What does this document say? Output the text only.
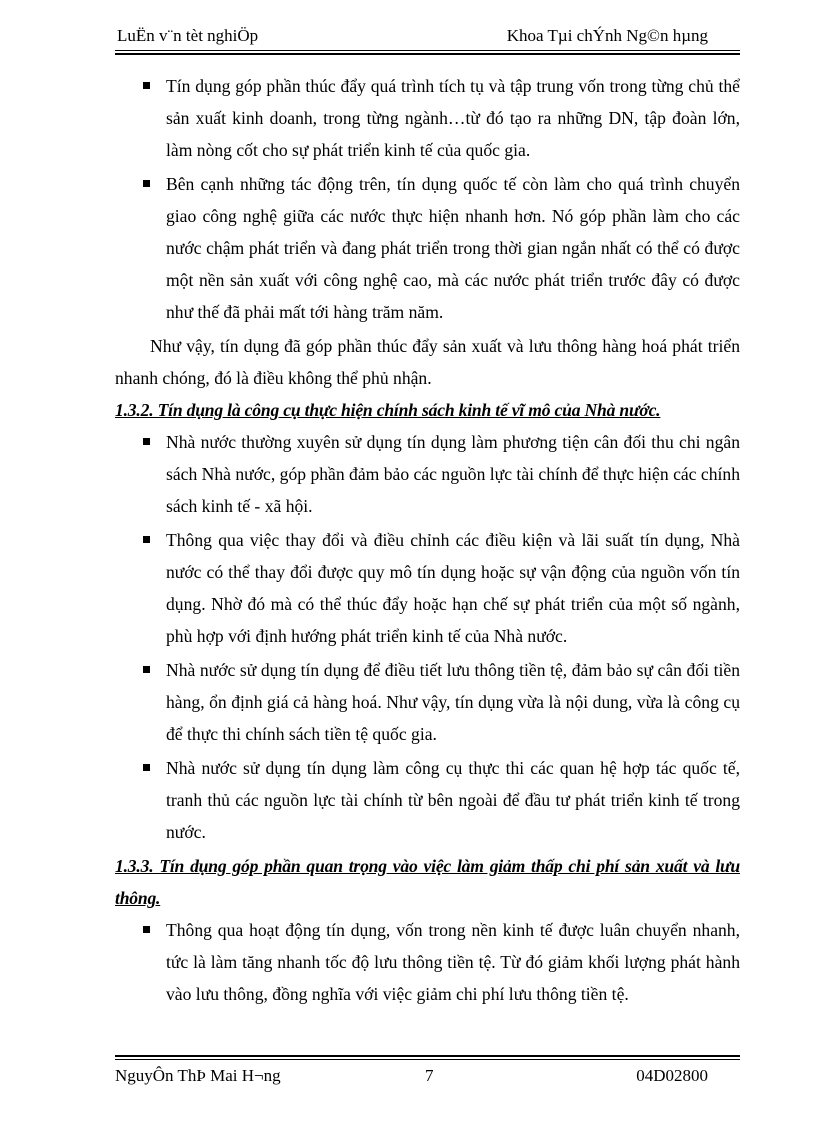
LuËn v¨n tèt nghiÖp	Khoa Tµi chÝnh Ng©n hµng
Tín dụng góp phần thúc đẩy quá trình tích tụ và tập trung vốn trong từng chủ thể sản xuất kinh doanh, trong từng ngành…từ đó tạo ra những DN, tập đoàn lớn, làm nòng cốt cho sự phát triển kinh tế của quốc gia.
Bên cạnh những tác động trên, tín dụng quốc tế còn làm cho quá trình chuyển giao công nghệ giữa các nước thực hiện nhanh hơn. Nó góp phần làm cho các nước chậm phát triển và đang phát triển trong thời gian ngắn nhất có thể có được một nền sản xuất với công nghệ cao, mà các nước phát triển trước đây có được như thế đã phải mất tới hàng trăm năm.
Như vậy, tín dụng đã góp phần thúc đẩy sản xuất và lưu thông hàng hoá phát triển nhanh chóng, đó là điều không thể phủ nhận.
1.3.2. Tín dụng là công cụ thực hiện chính sách kinh tế vĩ mô của Nhà nước.
Nhà nước thường xuyên sử dụng tín dụng làm phương tiện cân đối thu chi ngân sách Nhà nước, góp phần đảm bảo các nguồn lực tài chính để thực hiện các chính sách kinh tế - xã hội.
Thông qua việc thay đổi và điều chỉnh các điều kiện và lãi suất tín dụng, Nhà nước có thể thay đổi được quy mô tín dụng hoặc sự vận động của nguồn vốn tín dụng. Nhờ đó mà có thể thúc đẩy hoặc hạn chế sự phát triển của một số ngành, phù hợp với định hướng phát triển kinh tế của Nhà nước.
Nhà nước sử dụng tín dụng để điều tiết lưu thông tiền tệ, đảm bảo sự cân đối tiền hàng, ổn định giá cả hàng hoá. Như vậy, tín dụng vừa là nội dung, vừa là công cụ để thực thi chính sách tiền tệ quốc gia.
Nhà nước sử dụng tín dụng làm công cụ thực thi các quan hệ hợp tác quốc tế, tranh thủ các nguồn lực tài chính từ bên ngoài để đầu tư phát triển kinh tế trong nước.
1.3.3. Tín dụng góp phần quan trọng vào việc làm giảm thấp chi phí sản xuất và lưu thông.
Thông qua hoạt động tín dụng, vốn trong nền kinh tế được luân chuyển nhanh, tức là làm tăng nhanh tốc độ lưu thông tiền tệ. Từ đó giảm khối lượng phát hành vào lưu thông, đồng nghĩa với việc giảm chi phí lưu thông tiền tệ.
NguyÔn ThÞ Mai H¬ng	7	04D02800
